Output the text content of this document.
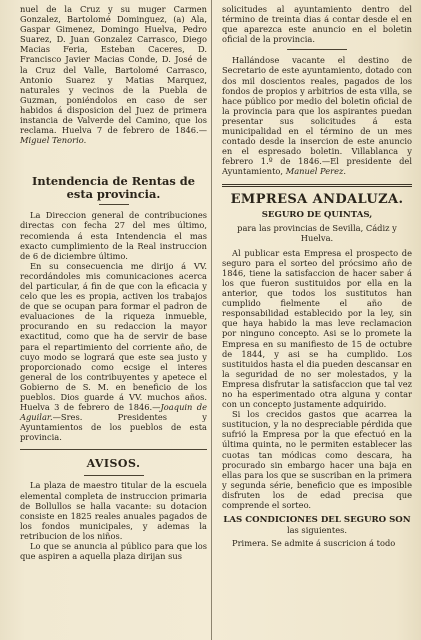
nuel de la Cruz y su muger Carmen Gonzalez, Bartolomé Dominguez, (a) Ala, Gaspar Gimenez, Domingo Huelva, Pedro Suarez, D. Juan Gonzalez Carrasco, Diego Macias Feria, Esteban Caceres, D. Francisco Javier Macias Conde, D. José de la Cruz del Valle, Bartolomé Carrasco, Antonio Suarez y Matias Marquez, naturales y vecinos de la Puebla de Guzman, poniéndolos en caso de ser habidos á disposicion del Juez de primera instancia de Valverde del Camino, que los reclama. Huelva 7 de febrero de 1846.—Miguel Tenorio.

Intendencia de Rentas de esta provincia.

La Direccion general de contribuciones directas con fecha 27 del mes último, recomienda á esta Intendencia el mas exacto cumplimiento de la Real instruccion de 6 de diciembre último.

En su consecuencia me dirijo á VV. recordándoles mis comunicaciones acerca del particular, á fin de que con la eficacia y celo que les es propia, activen los trabajos de que se ocupan para formar el padron de evaluaciones de la riqueza inmueble, procurando en su redaccion la mayor exactitud, como que ha de servir de base para el repartimiento del corriente año, de cuyo modo se logrará que este sea justo y proporcionado como ecsige el interes general de los contribuyentes y apetece el Gobierno de S. M. en beneficio de los pueblos. Dios guarde á VV. muchos años. Huelva 3 de febrero de 1846.—Joaquin de Aguilar.—Sres. Presidentes y Ayuntamientos de los pueblos de esta provincia.

AVISOS.

La plaza de maestro titular de la escuela elemental completa de instruccion primaria de Bollullos se halla vacante: su dotacion consiste en 1825 reales anuales pagados de los fondos municipales, y ademas la retribucion de los niños.

Lo que se anuncia al público para que los que aspiren a aquella plaza dirijan sus

solicitudes al ayuntamiento dentro del término de treinta dias á contar desde el en que aparezca este anuncio en el boletin oficial de la provincia.

Hallándose vacante el destino de Secretario de este ayuntamiento, dotado con dos mil doscientos reales, pagados de los fondos de propios y arbitrios de esta villa, se hace público por medio del boletin oficial de la provincia para que los aspirantes puedan presentar sus solicitudes á esta municipalidad en el término de un mes contado desde la insercion de este anuncio en el espresado boletin. Villablanca y febrero 1.º de 1846.—El presidente del Ayuntamiento, Manuel Perez.

EMPRESA ANDALUZA.
SEGURO DE QUINTAS,

para las provincias de Sevilla, Cádiz y Huelva.

Al publicar esta Empresa el prospecto de seguro para el sorteo del prócsimo año de 1846, tiene la satisfaccion de hacer saber á los que fueron sustituidos por ella en la anterior, que todos los sustitutos han cumplido fielmente el año de responsabilidad establecido por la ley, sin que haya habido la mas leve reclamacion por ninguno concepto. Asi se lo promete la Empresa en su manifiesto de 15 de octubre de 1844, y asi se ha cumplido. Los sustituidos hasta el dia pueden descansar en la seguridad de no ser molestados, y la Empresa disfrutar la satisfaccion que tal vez no ha esperimentado otra alguna y contar con un concepto justamente adquirido.

Si los crecidos gastos que acarrea la sustitucion, y la no despreciable pérdida que sufrió la Empresa por la que efectuó en la última quinta, no le permiten establecer las cuotas tan módicas como descara, ha procurado sin embargo hacer una baja en ellas para los que se suscriban en la primera y segunda série, beneficio que es imposible disfruten los de edad precisa que comprende el sorteo.

LAS CONDICIONES DEL SEGURO SON

las siguientes.

Primera. Se admite á suscricion á todo
